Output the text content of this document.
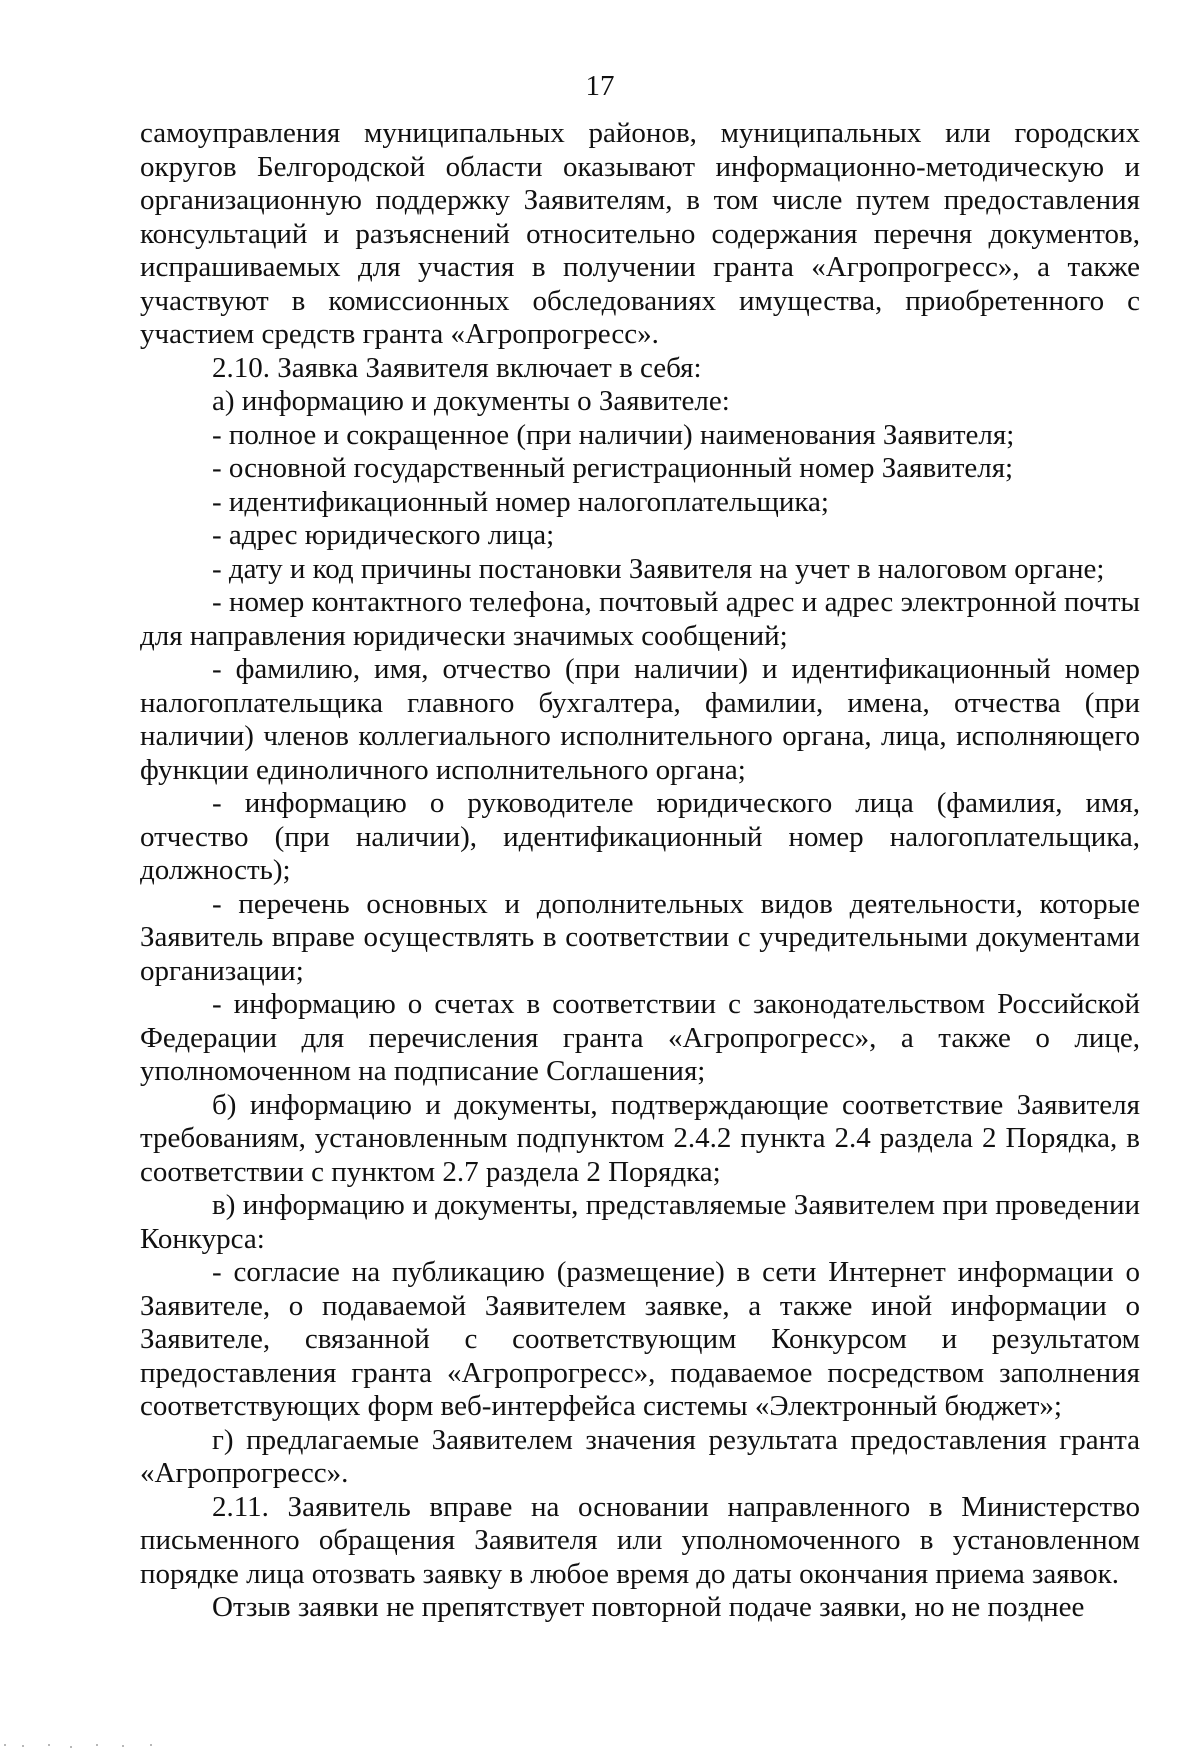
17

самоуправления муниципальных районов, муниципальных или городских округов Белгородской области оказывают информационно-методическую и организационную поддержку Заявителям, в том числе путем предоставления консультаций и разъяснений относительно содержания перечня документов, испрашиваемых для участия в получении гранта «Агропрогресс», а также участвуют в комиссионных обследованиях имущества, приобретенного с участием средств гранта «Агропрогресс».

2.10. Заявка Заявителя включает в себя:

а) информацию и документы о Заявителе:

- полное и сокращенное (при наличии) наименования Заявителя;

- основной государственный регистрационный номер Заявителя;

- идентификационный номер налогоплательщика;

- адрес юридического лица;

- дату и код причины постановки Заявителя на учет в налоговом органе;

- номер контактного телефона, почтовый адрес и адрес электронной почты для направления юридически значимых сообщений;

- фамилию, имя, отчество (при наличии) и идентификационный номер налогоплательщика главного бухгалтера, фамилии, имена, отчества (при наличии) членов коллегиального исполнительного органа, лица, исполняющего функции единоличного исполнительного органа;

- информацию о руководителе юридического лица (фамилия, имя, отчество (при наличии), идентификационный номер налогоплательщика, должность);

- перечень основных и дополнительных видов деятельности, которые Заявитель вправе осуществлять в соответствии с учредительными документами организации;

- информацию о счетах в соответствии с законодательством Российской Федерации для перечисления гранта «Агропрогресс», а также о лице, уполномоченном на подписание Соглашения;

б) информацию и документы, подтверждающие соответствие Заявителя требованиям, установленным подпунктом 2.4.2 пункта 2.4 раздела 2 Порядка, в соответствии с пунктом 2.7 раздела 2 Порядка;

в) информацию и документы, представляемые Заявителем при проведении Конкурса:

- согласие на публикацию (размещение) в сети Интернет информации о Заявителе, о подаваемой Заявителем заявке, а также иной информации о Заявителе, связанной с соответствующим Конкурсом и результатом предоставления гранта «Агропрогресс», подаваемое посредством заполнения соответствующих форм веб-интерфейса системы «Электронный бюджет»;

г) предлагаемые Заявителем значения результата предоставления гранта «Агропрогресс».

2.11. Заявитель вправе на основании направленного в Министерство письменного обращения Заявителя или уполномоченного в установленном порядке лица отозвать заявку в любое время до даты окончания приема заявок.

Отзыв заявки не препятствует повторной подаче заявки, но не позднее
